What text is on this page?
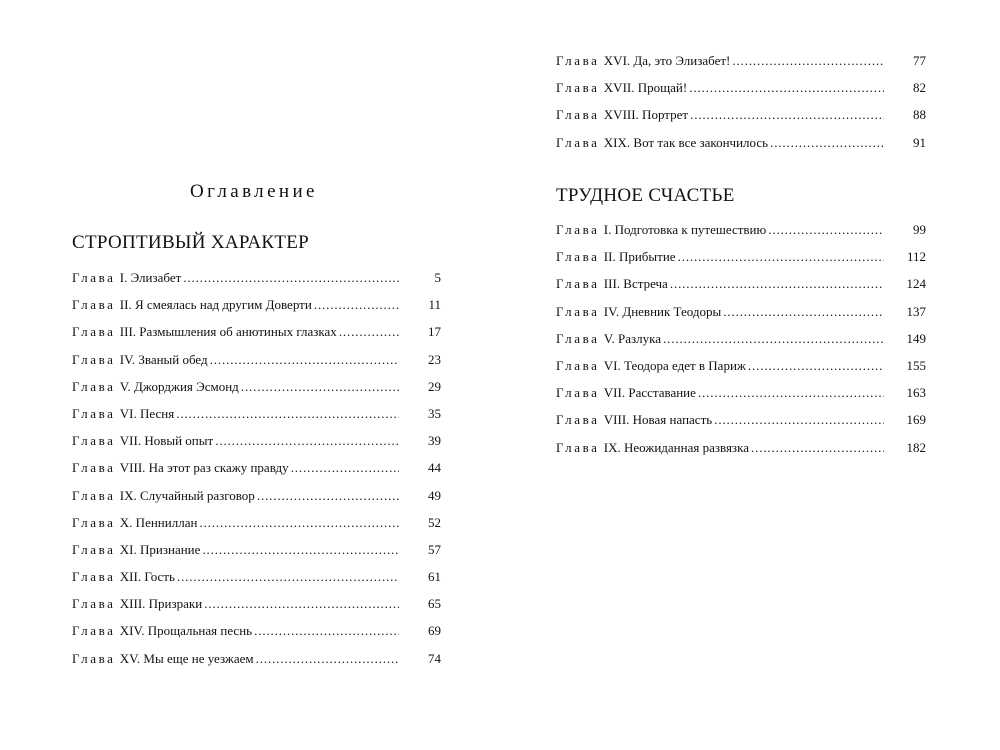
Оглавление
СТРОПТИВЫЙ ХАРАКТЕР
Глава I. Элизабет . . .	5
Глава II. Я смеялась над другим Доверти . . .	11
Глава III. Размышления об анютиных глазках . . .	17
Глава IV. Званый обед . . .	23
Глава V. Джорджия Эсмонд . . .	29
Глава VI. Песня . . .	35
Глава VII. Новый опыт . . .	39
Глава VIII. На этот раз скажу правду . . .	44
Глава IX. Случайный разговор . . .	49
Глава X. Пенниллан . . .	52
Глава XI. Признание . . .	57
Глава XII. Гость . . .	61
Глава XIII. Призраки . . .	65
Глава XIV. Прощальная песнь . . .	69
Глава XV. Мы еще не уезжаем . . .	74
Глава XVI. Да, это Элизабет! . . .	77
Глава XVII. Прощай! . . .	82
Глава XVIII. Портрет . . .	88
Глава XIX. Вот так все закончилось . . .	91
ТРУДНОЕ СЧАСТЬЕ
Глава I. Подготовка к путешествию . . .	99
Глава II. Прибытие . . .	112
Глава III. Встреча . . .	124
Глава IV. Дневник Теодоры . . .	137
Глава V. Разлука . . .	149
Глава VI. Теодора едет в Париж . . .	155
Глава VII. Расставание . . .	163
Глава VIII. Новая напасть . . .	169
Глава IX. Неожиданная развязка . . .	182
